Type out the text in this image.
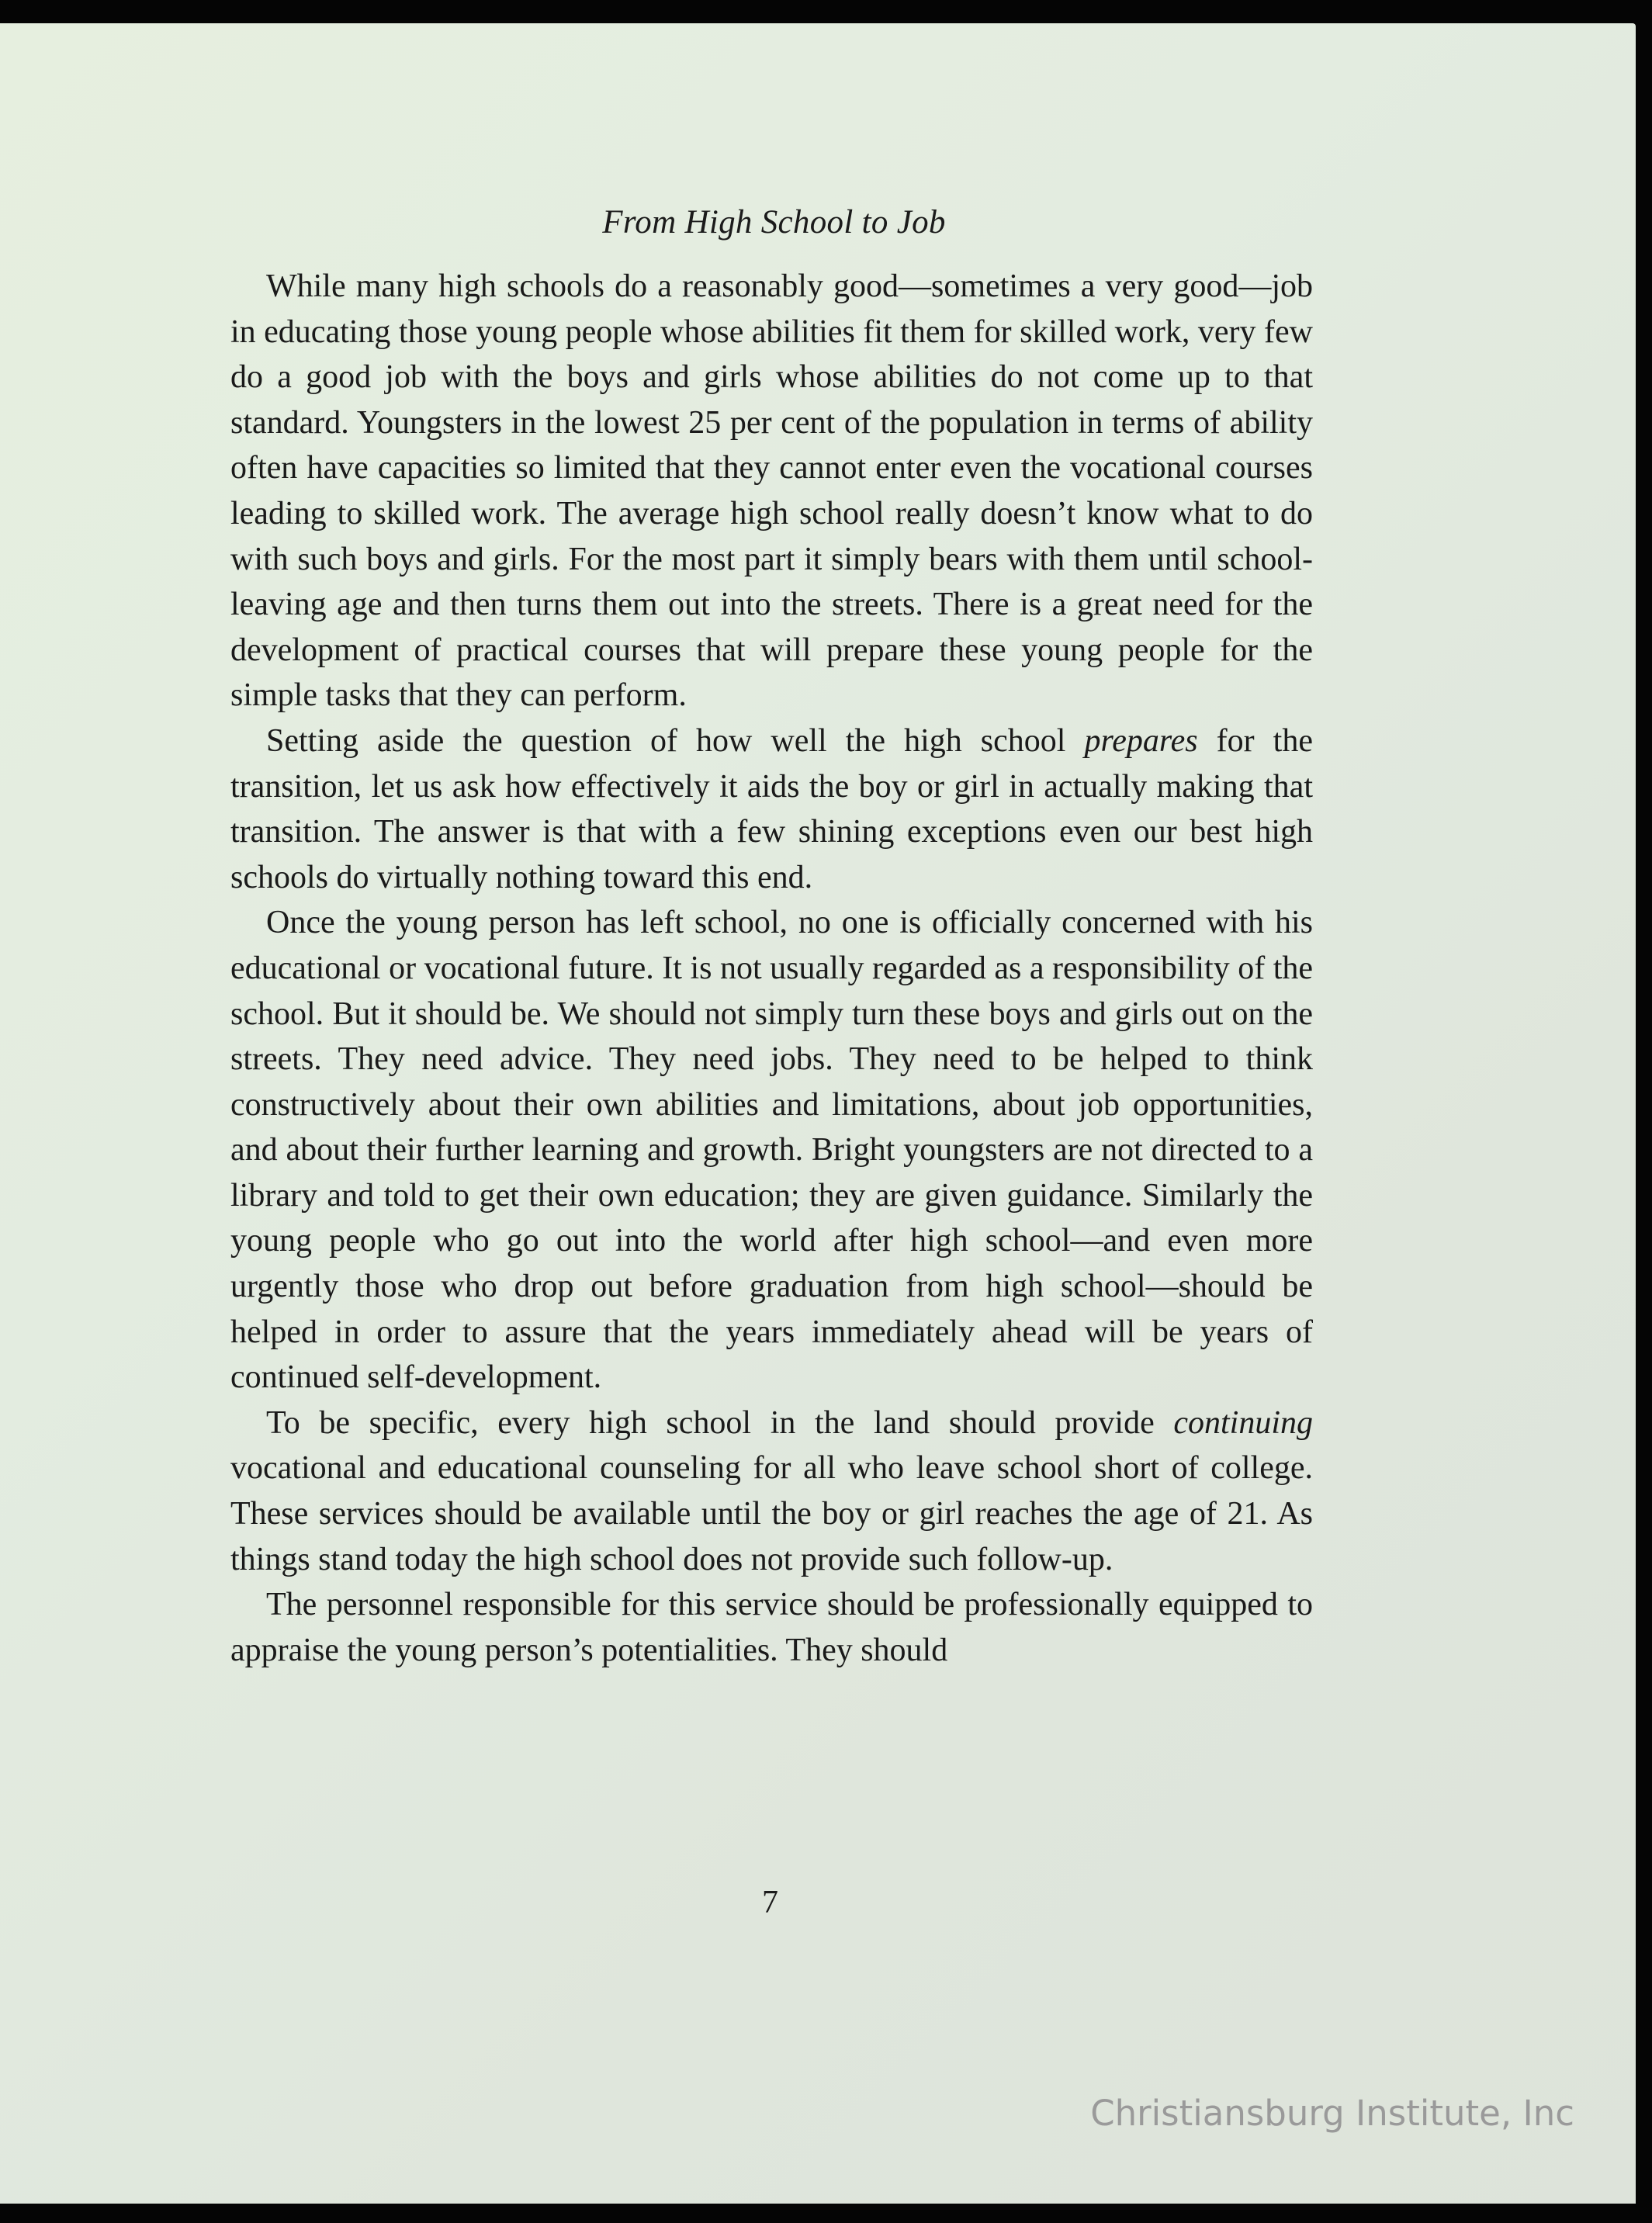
From High School to Job

While many high schools do a reasonably good—sometimes a very good—job in educating those young people whose abilities fit them for skilled work, very few do a good job with the boys and girls whose abilities do not come up to that standard. Youngsters in the lowest 25 per cent of the population in terms of ability often have capacities so limited that they cannot enter even the vocational courses leading to skilled work. The average high school really doesn’t know what to do with such boys and girls. For the most part it simply bears with them until school-leaving age and then turns them out into the streets. There is a great need for the development of practical courses that will prepare these young people for the simple tasks that they can perform.

Setting aside the question of how well the high school prepares for the transition, let us ask how effectively it aids the boy or girl in actually making that transition. The answer is that with a few shining exceptions even our best high schools do virtually nothing toward this end.

Once the young person has left school, no one is officially concerned with his educational or vocational future. It is not usually regarded as a responsibility of the school. But it should be. We should not simply turn these boys and girls out on the streets. They need advice. They need jobs. They need to be helped to think constructively about their own abilities and limitations, about job opportunities, and about their further learning and growth. Bright youngsters are not directed to a library and told to get their own education; they are given guidance. Similarly the young people who go out into the world after high school—and even more urgently those who drop out before graduation from high school—should be helped in order to assure that the years immediately ahead will be years of continued self-development.

To be specific, every high school in the land should provide continuing vocational and educational counseling for all who leave school short of college. These services should be available until the boy or girl reaches the age of 21. As things stand today the high school does not provide such follow-up.

The personnel responsible for this service should be professionally equipped to appraise the young person’s potentialities. They should

7
Christiansburg Institute, Inc
